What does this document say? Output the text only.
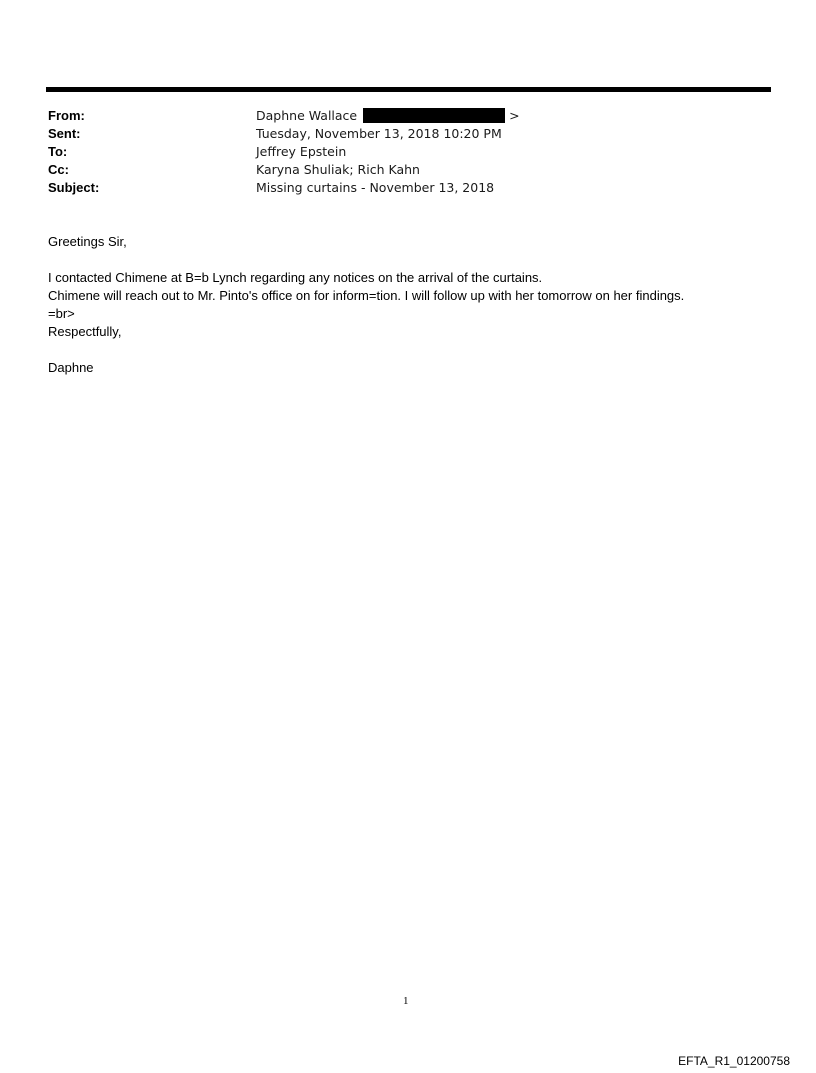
From:	Daphne Wallace	>
Sent:	Tuesday, November 13, 2018 10:20 PM
To:	Jeffrey Epstein
Cc:	Karyna Shuliak; Rich Kahn
Subject:	Missing curtains - November 13, 2018
Greetings Sir,
I contacted Chimene at B=b Lynch regarding any notices on the arrival of the curtains.
Chimene will reach out to Mr. Pinto's office on for inform=tion. I will follow up with her tomorrow on her findings.
=br>
Respectfully,
Daphne
1
EFTA_R1_01200758
